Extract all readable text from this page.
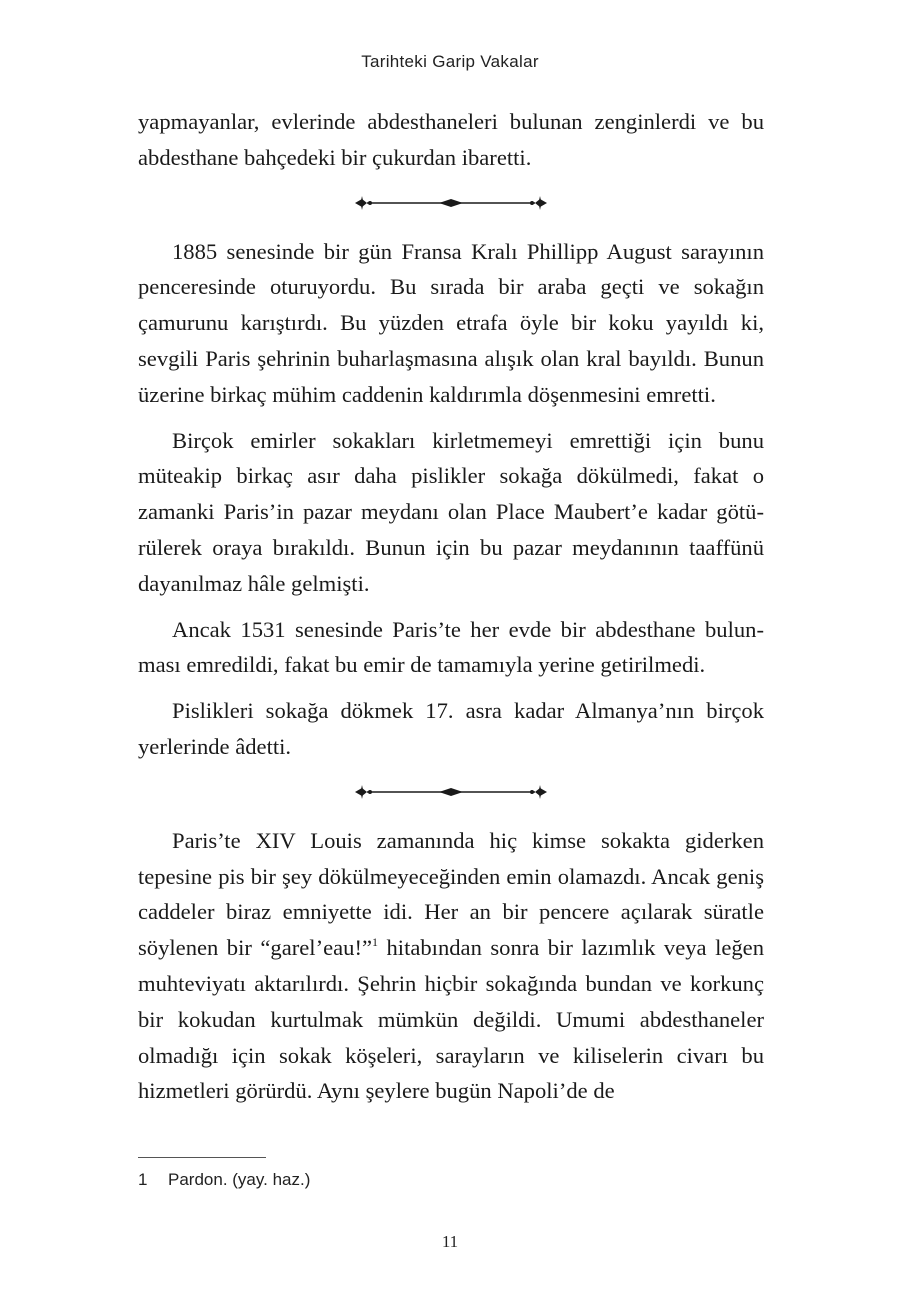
Tarihteki Garip Vakalar

yapmayanlar, evlerinde abdesthaneleri bulunan zenginlerdi ve bu abdesthane bahçedeki bir çukurdan ibaretti.

1885 senesinde bir gün Fransa Kralı Phillipp August sarayının penceresinde oturuyordu. Bu sırada bir araba geçti ve sokağın çamurunu karıştırdı. Bu yüzden etrafa öyle bir koku yayıldı ki, sevgili Paris şehrinin buharlaşmasına alışık olan kral bayıldı. Bunun üzerine birkaç mühim caddenin kaldırımla döşenmesini emretti.

Birçok emirler sokakları kirletmemeyi emrettiği için bunu müteakip birkaç asır daha pislikler sokağa dökülmedi, fakat o zamanki Paris’in pazar meydanı olan Place Maubert’e kadar götürülerek oraya bırakıldı. Bunun için bu pazar meydanının taaffünü dayanılmaz hâle gelmişti.

Ancak 1531 senesinde Paris’te her evde bir abdesthane bulunması emredildi, fakat bu emir de tamamıyla yerine getirilmedi.

Pislikleri sokağa dökmek 17. asra kadar Almanya’nın birçok yerlerinde âdetti.

Paris’te XIV Louis zamanında hiç kimse sokakta giderken tepesine pis bir şey dökülmeyeceğinden emin olamazdı. Ancak geniş caddeler biraz emniyette idi. Her an bir pencere açılarak süratle söylenen bir “garel’eau!”$^1$ hitabından sonra bir lazımlık veya leğen muhteviyatı aktarılırdı. Şehrin hiçbir sokağında bundan ve korkunç bir kokudan kurtulmak mümkün değildi. Umumi abdesthaneler olmadığı için sokak köşeleri, sarayların ve kiliselerin civarı bu hizmetleri görürdü. Aynı şeylere bugün Napoli’de de

1 Pardon. (yay. haz.)
11
